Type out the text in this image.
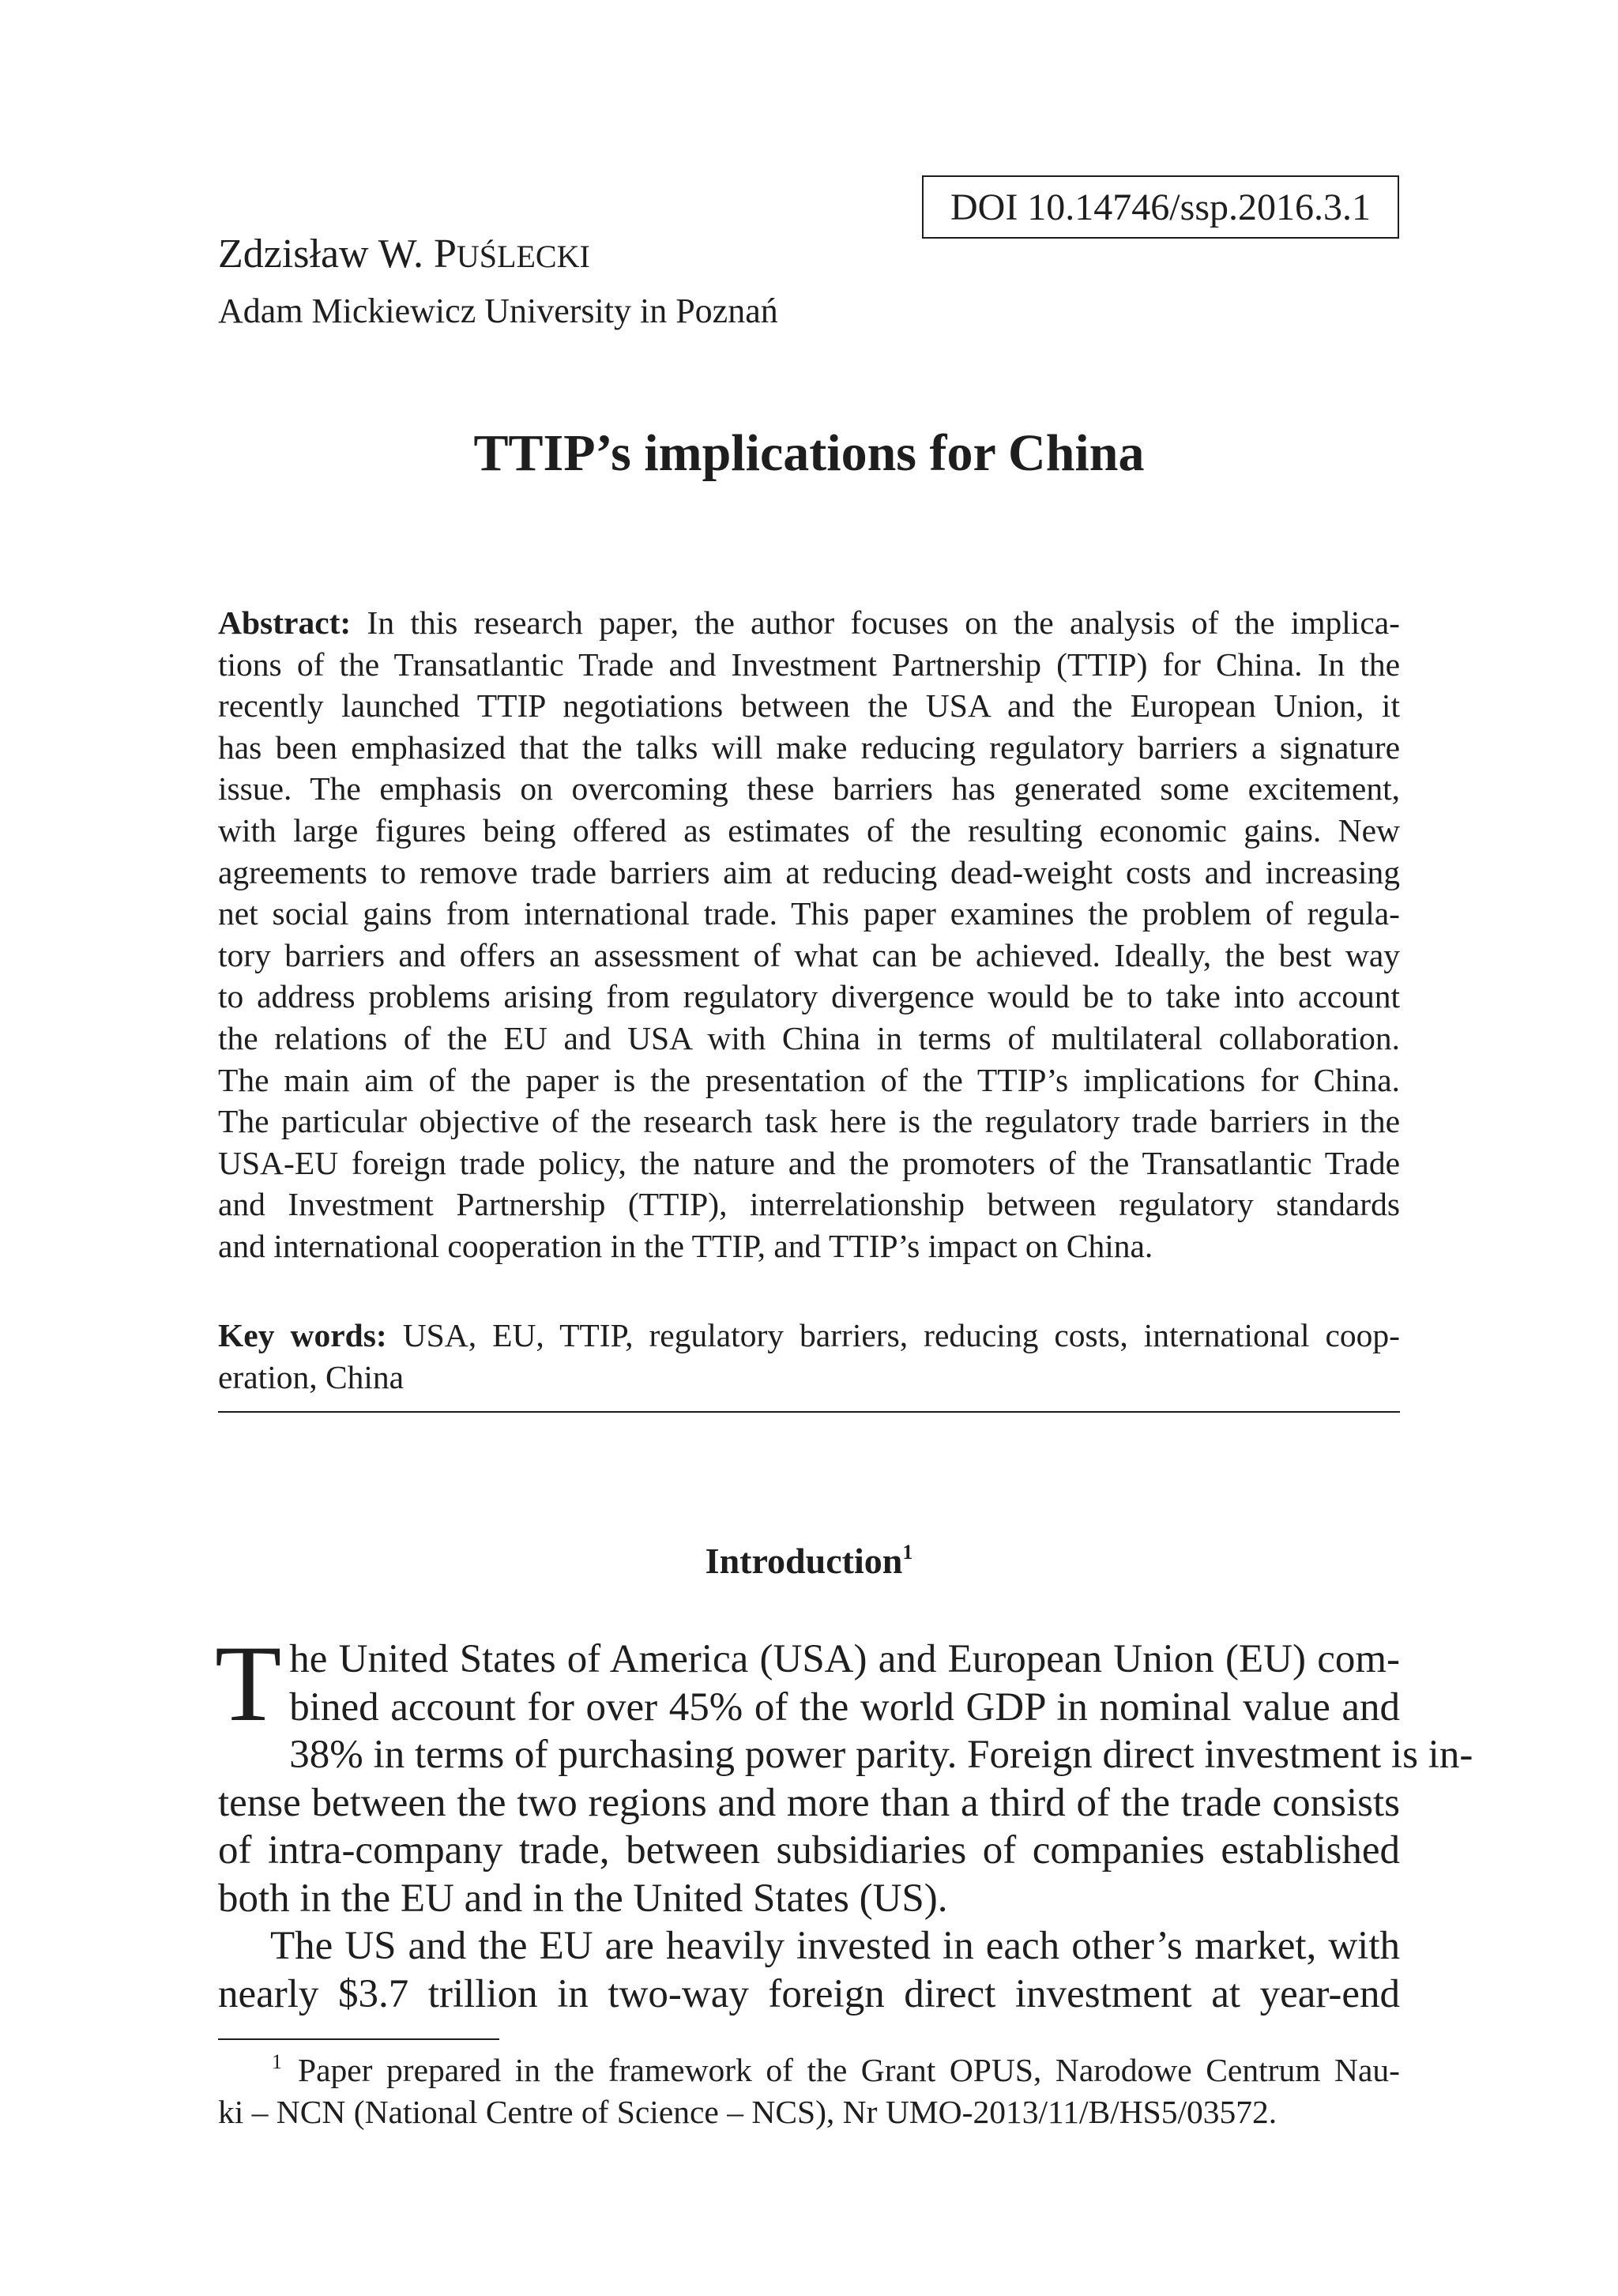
DOI 10.14746/ssp.2016.3.1
Zdzisław W. PUŚLECKI
Adam Mickiewicz University in Poznań
TTIP’s implications for China
Abstract: In this research paper, the author focuses on the analysis of the implica-
tions of the Transatlantic Trade and Investment Partnership (TTIP) for China. In the
recently launched TTIP negotiations between the USA and the European Union, it
has been emphasized that the talks will make reducing regulatory barriers a signature
issue. The emphasis on overcoming these barriers has generated some excitement,
with large figures being offered as estimates of the resulting economic gains. New
agreements to remove trade barriers aim at reducing dead-weight costs and increasing
net social gains from international trade. This paper examines the problem of regula-
tory barriers and offers an assessment of what can be achieved. Ideally, the best way
to address problems arising from regulatory divergence would be to take into account
the relations of the EU and USA with China in terms of multilateral collaboration.
The main aim of the paper is the presentation of the TTIP’s implications for China.
The particular objective of the research task here is the regulatory trade barriers in the
USA-EU foreign trade policy, the nature and the promoters of the Transatlantic Trade
and Investment Partnership (TTIP), interrelationship between regulatory standards
and international cooperation in the TTIP, and TTIP’s impact on China.
Key words: USA, EU, TTIP, regulatory barriers, reducing costs, international coop-
eration, China
Introduction$^1$
T he United States of America (USA) and European Union (EU) com-
bined account for over 45% of the world GDP in nominal value and
38% in terms of purchasing power parity. Foreign direct investment is in-
tense between the two regions and more than a third of the trade consists
of intra-company trade, between subsidiaries of companies established
both in the EU and in the United States (US).
The US and the EU are heavily invested in each other’s market, with
nearly $3.7 trillion in two-way foreign direct investment at year-end
$^1$ Paper prepared in the framework of the Grant OPUS, Narodowe Centrum Nau-
ki – NCN (National Centre of Science – NCS), Nr UMO-2013/11/B/HS5/03572.
